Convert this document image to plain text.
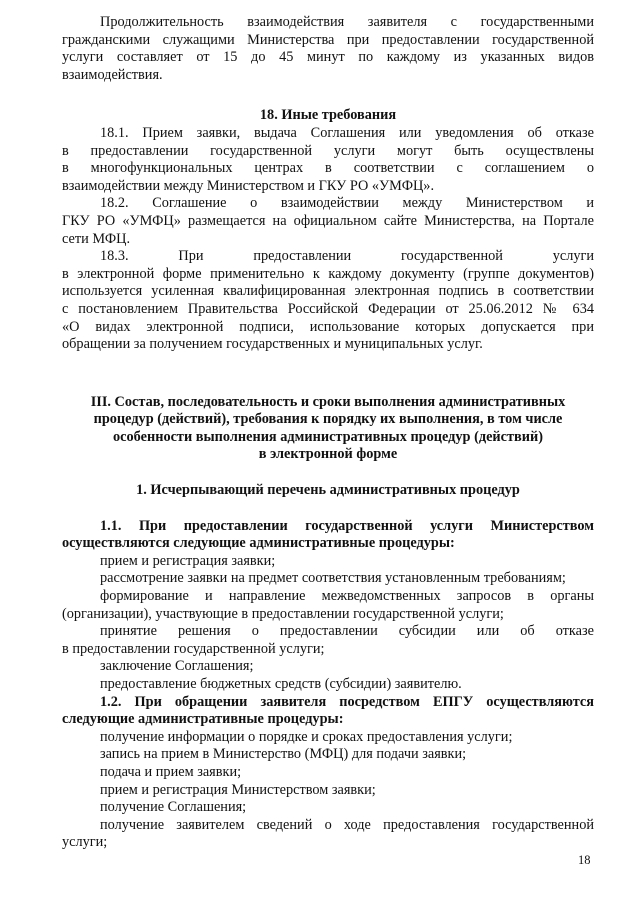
Продолжительность взаимодействия заявителя с государственными

гражданскими служащими Министерства при предоставлении государственной

услуги составляет от 15 до 45 минут по каждому из указанных видов

взаимодействия.

18. Иные требования

18.1. Прием заявки, выдача Соглашения или уведомления об отказе

в предоставлении государственной услуги могут быть осуществлены

в многофункциональных центрах в соответствии с соглашением о

взаимодействии между Министерством и ГКУ РО «УМФЦ».

18.2. Соглашение о взаимодействии между Министерством и

ГКУ РО «УМФЦ» размещается на официальном сайте Министерства, на Портале

сети МФЦ.

18.3. При предоставлении государственной услуги

в электронной форме применительно к каждому документу (группе документов)

используется усиленная квалифицированная электронная подпись в соответствии

с постановлением Правительства Российской Федерации от 25.06.2012 № 634

«О видах электронной подписи, использование которых допускается при

обращении за получением государственных и муниципальных услуг.

III. Состав, последовательность и сроки выполнения административных

процедур (действий), требования к порядку их выполнения, в том числе

особенности выполнения административных процедур (действий)

в электронной форме

1. Исчерпывающий перечень административных процедур

1.1. При предоставлении государственной услуги Министерством

осуществляются следующие административные процедуры:

прием и регистрация заявки;

рассмотрение заявки на предмет соответствия установленным требованиям;

формирование и направление межведомственных запросов в органы

(организации), участвующие в предоставлении государственной услуги;

принятие решения о предоставлении субсидии или об отказе

в предоставлении государственной услуги;

заключение Соглашения;

предоставление бюджетных средств (субсидии) заявителю.

1.2. При обращении заявителя посредством ЕПГУ осуществляются

следующие административные процедуры:

получение информации о порядке и сроках предоставления услуги;

запись на прием в Министерство (МФЦ) для подачи заявки;

подача и прием заявки;

прием и регистрация Министерством заявки;

получение Соглашения;

получение заявителем сведений о ходе предоставления государственной

услуги;

18
